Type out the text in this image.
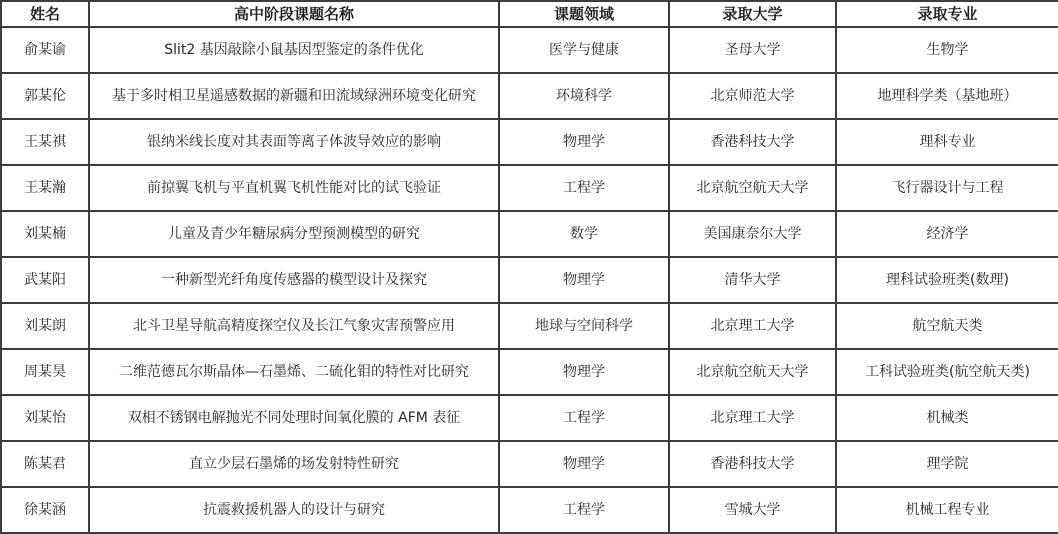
姓名	高中阶段课题名称	课题领域	录取大学	录取专业
俞某谕	Slit2 基因敲除小鼠基因型鉴定的条件优化	医学与健康	圣母大学	生物学
郭某伦	基于多时相卫星遥感数据的新疆和田流域绿洲环境变化研究	环境科学	北京师范大学	地理科学类（基地班）
王某祺	银纳米线长度对其表面等离子体波导效应的影响	物理学	香港科技大学	理科专业
王某瀚	前掠翼飞机与平直机翼飞机性能对比的试飞验证	工程学	北京航空航天大学	飞行器设计与工程
刘某楠	儿童及青少年糖尿病分型预测模型的研究	数学	美国康奈尔大学	经济学
武某阳	一种新型光纤角度传感器的模型设计及探究	物理学	清华大学	理科试验班类(数理)
刘某朗	北斗卫星导航高精度探空仪及长江气象灾害预警应用	地球与空间科学	北京理工大学	航空航天类
周某昊	二维范德瓦尔斯晶体—石墨烯、二硫化钼的特性对比研究	物理学	北京航空航天大学	工科试验班类(航空航天类)
刘某怡	双相不锈钢电解抛光不同处理时间氧化膜的 AFM 表征	工程学	北京理工大学	机械类
陈某君	直立少层石墨烯的场发射特性研究	物理学	香港科技大学	理学院
徐某涵	抗震救援机器人的设计与研究	工程学	雪城大学	机械工程专业
